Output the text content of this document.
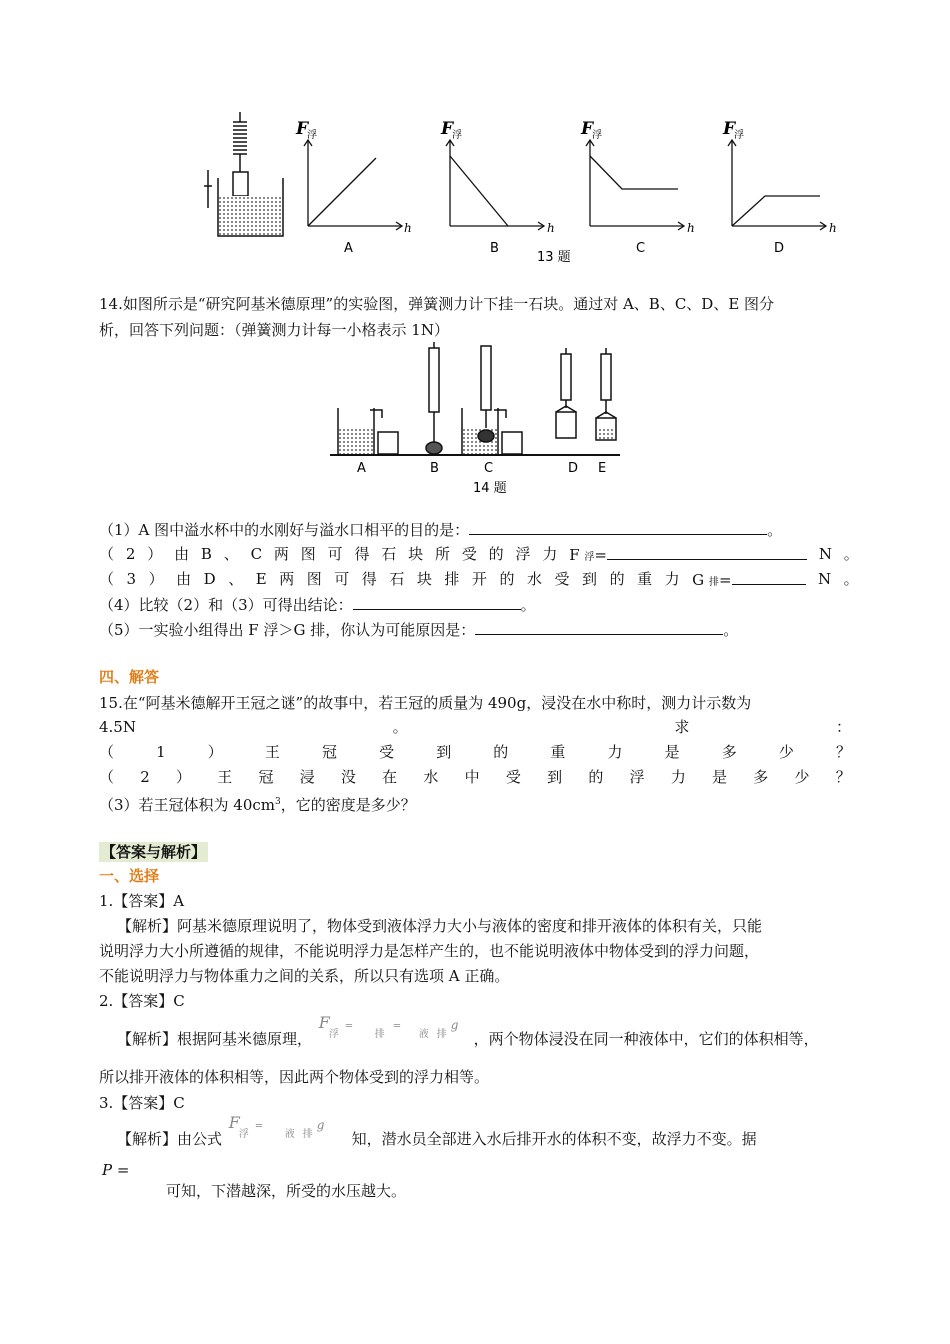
F
浮
h
A
F
浮
h
B
F
浮
h
C
F
浮
h
D
13 题
14.如图所示是“研究阿基米德原理”的实验图，弹簧测力计下挂一石块。通过对 A、B、C、D、E 图分
析，回答下列问题：（弹簧测力计每一小格表示 1N）
A	B	C	D E
14 题
（1）A 图中溢水杯中的水刚好与溢水口相平的目的是：	。
（ 2 ） 由 B 、 C 两 图 可 得 石 块 所 受 的 浮 力 F 浮=	N 。
（ 3 ） 由 D 、 E 两 图 可 得 石 块 排 开 的 水 受 到 的 重 力 G 排=	N 。
（4）比较（2）和（3）可得出结论：	。
（5）一实验小组得出 F 浮＞G 排，你认为可能原因是：	。
四、解答
15.在“阿基米德解开王冠之谜”的故事中，若王冠的质量为 490g，浸没在水中称时，测力计示数为
4.5N	。	求	：
（	1	）	王	冠	受	到	的	重	力	是	多	少	？
（ 2 ） 王 冠 浸 没 在 水 中 受 到 的 浮 力 是 多 少 ？
（3）若王冠体积为 $40cm^3$，它的密度是多少？
【答案与解析】
一、选择
1.【答案】A
【解析】阿基米德原理说明了，物体受到液体浮力大小与液体的密度和排开液体的体积有关，只能
说明浮力大小所遵循的规律，不能说明浮力是怎样产生的，也不能说明液体中物体受到的浮力问题，
不能说明浮力与物体重力之间的关系，所以只有选项 A 正确。
2.【答案】C
【解析】根据阿基米德原理，
F
浮
=
排
=
液 排
g
，两个物体浸没在同一种液体中，它们的体积相等，
所以排开液体的体积相等，因此两个物体受到的浮力相等。
3.【答案】C
【解析】由公式
F
浮
=
液 排
g
知，潜水员全部进入水后排开水的体积不变，故浮力不变。据
P =
可知，下潜越深，所受的水压越大。
